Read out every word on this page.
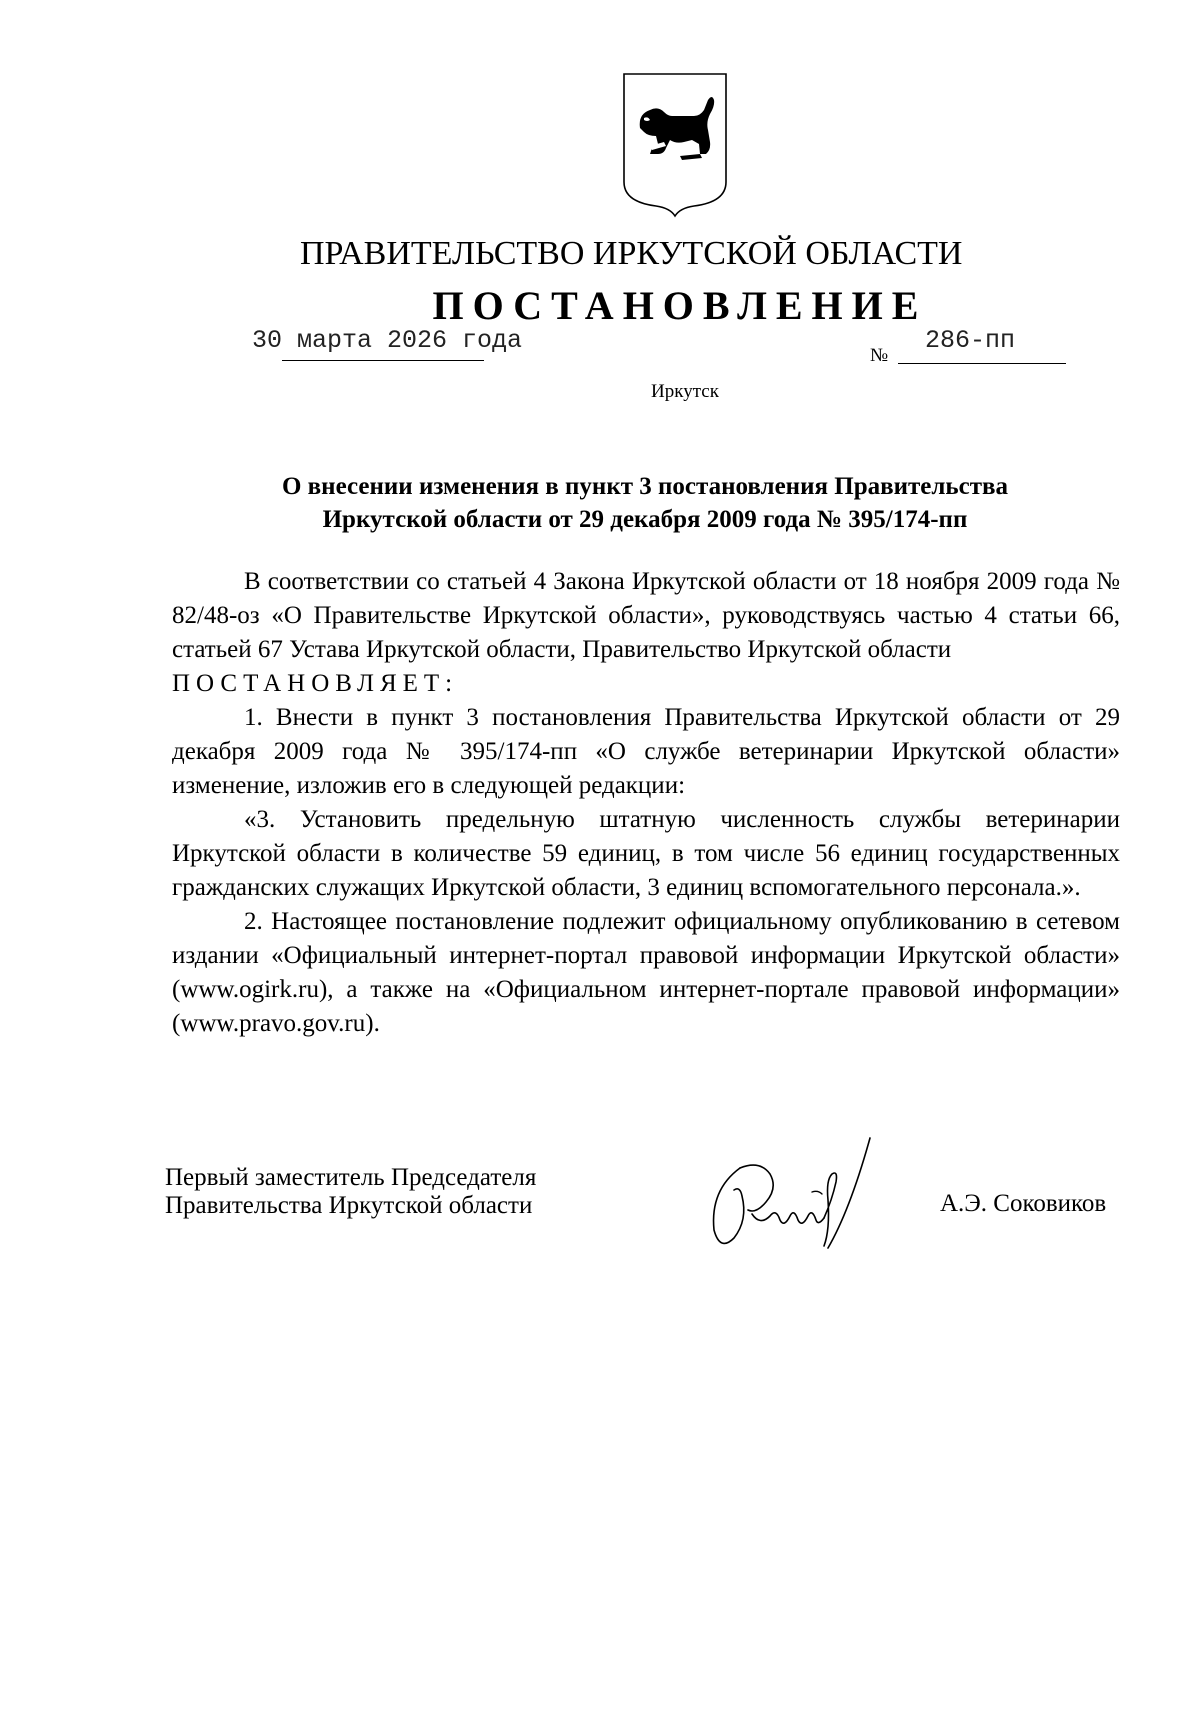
ПРАВИТЕЛЬСТВО ИРКУТСКОЙ ОБЛАСТИ
ПОСТАНОВЛЕНИЕ
30 марта 2026 года
№
286-пп
Иркутск
О внесении изменения в пункт 3 постановления Правительства
Иркутской области от 29 декабря 2009 года № 395/174-пп

В соответствии со статьей 4 Закона Иркутской области от 18 ноября 2009 года № 82/48-оз «О Правительстве Иркутской области», руководствуясь частью 4 статьи 66, статьей 67 Устава Иркутской области, Правительство Иркутской области

ПОСТАНОВЛЯЕТ:

1. Внести в пункт 3 постановления Правительства Иркутской области от 29 декабря 2009 года № 395/174-пп «О службе ветеринарии Иркутской области» изменение, изложив его в следующей редакции:

«3. Установить предельную штатную численность службы ветеринарии Иркутской области в количестве 59 единиц, в том числе 56 единиц государственных гражданских служащих Иркутской области, 3 единиц вспомогательного персонала.».

2. Настоящее постановление подлежит официальному опубликованию в сетевом издании «Официальный интернет-портал правовой информации Иркутской области» (www.ogirk.ru), а также на «Официальном интернет-портале правовой информации» (www.pravo.gov.ru).

Первый заместитель Председателя
Правительства Иркутской области	А.Э. Соковиков
